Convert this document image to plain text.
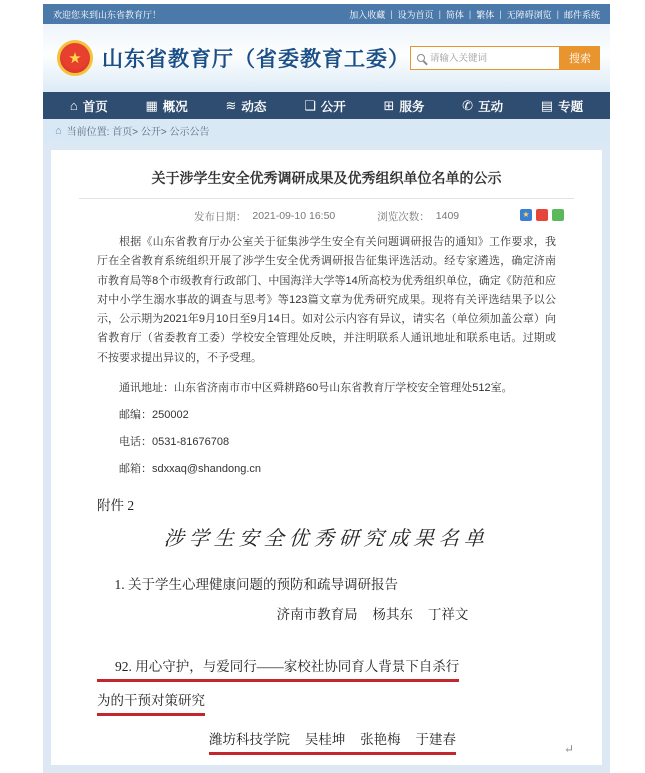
欢迎您来到山东省教育厅！	加入收藏 | 设为首页 | 简体 | 繁体 | 无障碍浏览 | 邮件系统
★ 山东省教育厅（省委教育工委）
请输入关键词	搜索
⌂ 首页	▦ 概况	≋ 动态	❏ 公开	⊞ 服务	✆ 互动	▤ 专题
⌂ 当前位置: 首页> 公开> 公示公告
关于涉学生安全优秀调研成果及优秀组织单位名单的公示
发布日期： 2021-09-10 16:50	浏览次数： 1409	★

根据《山东省教育厅办公室关于征集涉学生安全有关问题调研报告的通知》工作要求，我厅在全省教育系统组织开展了涉学生安全优秀调研报告征集评选活动。经专家遴选，确定济南市教育局等8个市级教育行政部门、中国海洋大学等14所高校为优秀组织单位，确定《防范和应对中小学生溺水事故的调查与思考》等123篇文章为优秀研究成果。现将有关评选结果予以公示，公示期为2021年9月10日至9月14日。如对公示内容有异议，请实名（单位须加盖公章）向省教育厅（省委教育工委）学校安全管理处反映，并注明联系人通讯地址和联系电话。过期或不按要求提出异议的，不予受理。

通讯地址：山东省济南市市中区舜耕路60号山东省教育厅学校安全管理处512室。

邮编：250002

电话：0531-81676708

邮箱：sdxxaq@shandong.cn

附件 2
涉学生安全优秀研究成果名单
1. 关于学生心理健康问题的预防和疏导调研报告
济南市教育局 杨其东 丁祥文
92. 用心守护，与爱同行——家校社协同育人背景下自杀行
为的干预对策研究
潍坊科技学院 吴桂坤 张艳梅 于建春
↵
